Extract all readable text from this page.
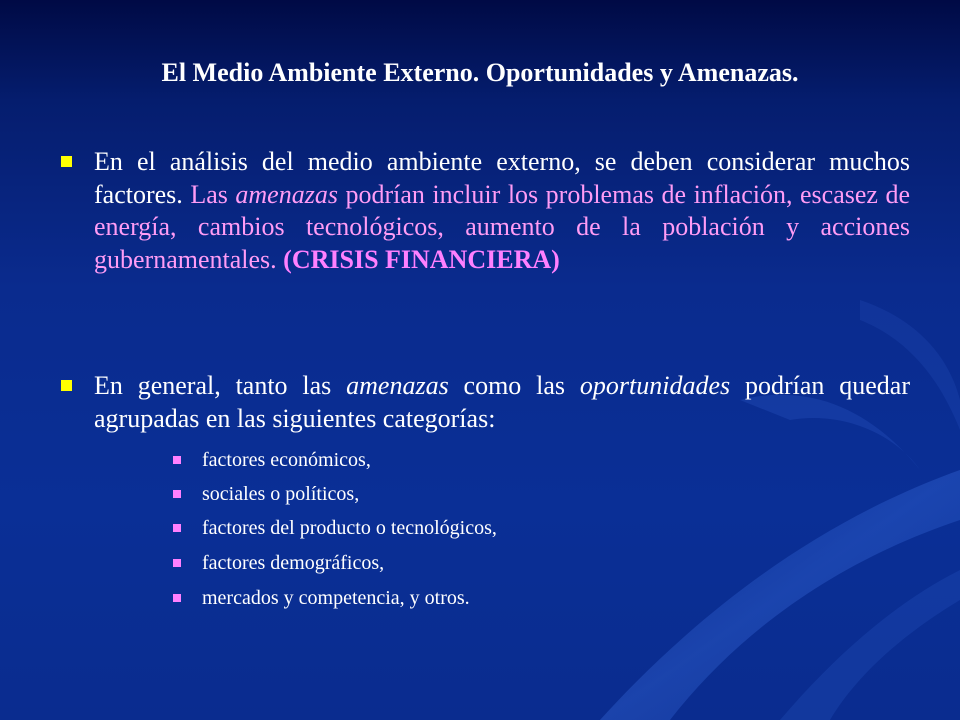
El Medio Ambiente Externo. Oportunidades y Amenazas.
En el análisis del medio ambiente externo, se deben considerar muchos factores. Las amenazas podrían incluir los problemas de inflación, escasez de energía, cambios tecnológicos, aumento de la población y acciones gubernamentales. (CRISIS FINANCIERA)
En general, tanto las amenazas como las oportunidades podrían quedar agrupadas en las siguientes categorías:
factores económicos,
sociales o políticos,
factores del producto o tecnológicos,
factores demográficos,
mercados y competencia, y otros.
